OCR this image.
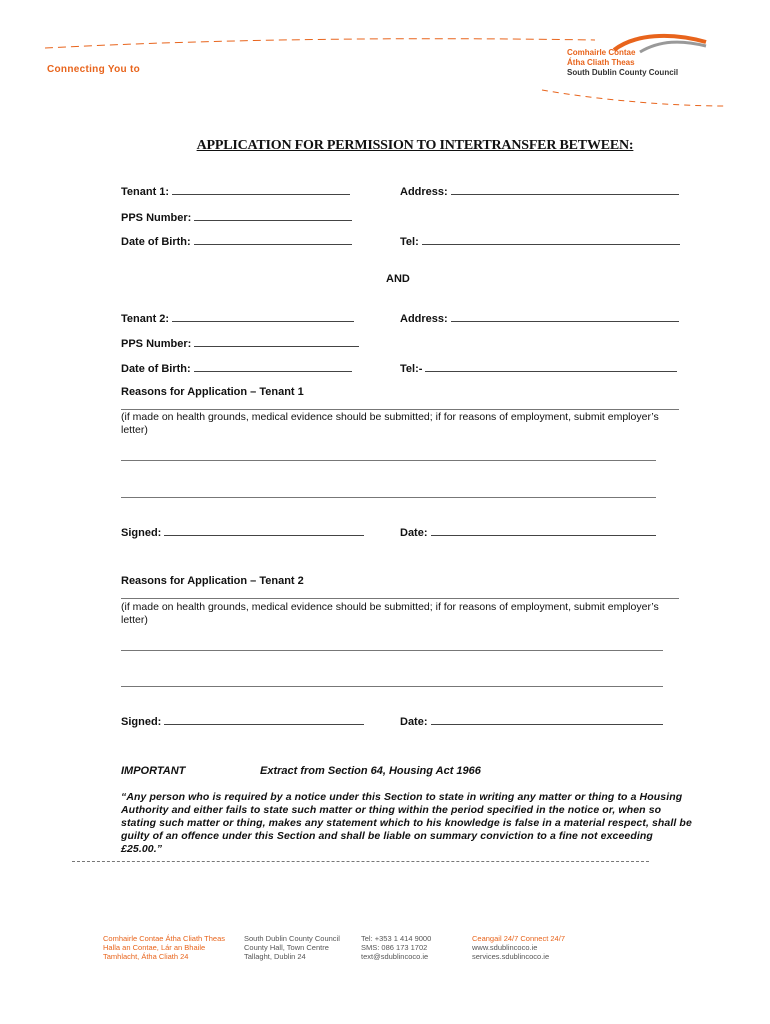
Connecting You to
Comhairle Contae
Átha Cliath Theas
South Dublin County Council
APPLICATION FOR PERMISSION TO INTERTRANSFER BETWEEN:
Tenant 1:	Address:
PPS Number:
Date of Birth:	Tel:
AND
Tenant 2:	Address:
PPS Number:
Date of Birth:	Tel:-
Reasons for Application – Tenant 1
(if made on health grounds, medical evidence should be submitted; if for reasons of employment, submit employer’s letter)
Signed:	Date:
Reasons for Application – Tenant 2
(if made on health grounds, medical evidence should be submitted; if for reasons of employment, submit employer’s letter)
Signed:	Date:
IMPORTANT	Extract from Section 64, Housing Act 1966
“Any person who is required by a notice under this Section to state in writing any matter or thing to a Housing Authority and either fails to state such matter or thing within the period specified in the notice or, when so stating such matter or thing, makes any statement which to his knowledge is false in a material respect, shall be guilty of an offence under this Section and shall be liable on summary conviction to a fine not exceeding £25.00.”
Comhairle Contae Átha Cliath Theas
Halla an Contae, Lár an Bhaile
Tamhlacht, Átha Cliath 24
South Dublin County Council
County Hall, Town Centre
Tallaght, Dublin 24
Tel: +353 1 414 9000
SMS: 086 173 1702
text@sdublincoco.ie
Ceangail 24/7 Connect 24/7
www.sdublincoco.ie
services.sdublincoco.ie
